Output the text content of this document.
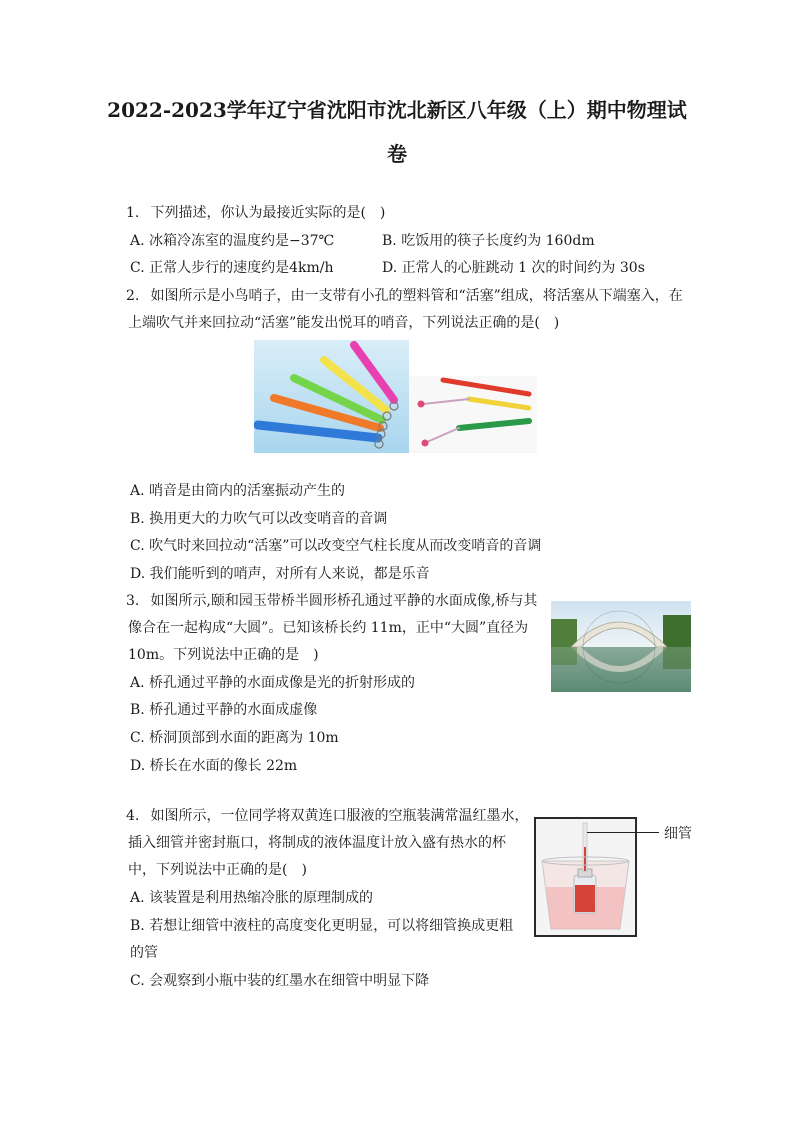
2022-2023学年辽宁省沈阳市沈北新区八年级（上）期中物理试
卷
1. 下列描述，你认为最接近实际的是(　)
A. 冰箱冷冻室的温度约是−37℃	B. 吃饭用的筷子长度约为 160dm
C. 正常人步行的速度约是4km/h	D. 正常人的心脏跳动 1 次的时间约为 30s
2. 如图所示是小鸟哨子，由一支带有小孔的塑料管和“活塞”组成，将活塞从下端塞入，在
上端吹气并来回拉动“活塞”能发出悦耳的哨音，下列说法正确的是(　)
A. 哨音是由筒内的活塞振动产生的
B. 换用更大的力吹气可以改变哨音的音调
C. 吹气时来回拉动“活塞”可以改变空气柱长度从而改变哨音的音调
D. 我们能听到的哨声，对所有人来说，都是乐音
3. 如图所示,颐和园玉带桥半圆形桥孔通过平静的水面成像,桥与其
像合在一起构成“大圆”。已知该桥长约 11m，正中“大圆”直径为
10m。下列说法中正确的是　)
A. 桥孔通过平静的水面成像是光的折射形成的
B. 桥孔通过平静的水面成虚像
C. 桥洞顶部到水面的距离为 10m
D. 桥长在水面的像长 22m
4. 如图所示，一位同学将双黄连口服液的空瓶装满常温红墨水，
插入细管并密封瓶口，将制成的液体温度计放入盛有热水的杯
中，下列说法中正确的是(　)
细管
A. 该装置是利用热缩冷胀的原理制成的
B. 若想让细管中液柱的高度变化更明显，可以将细管换成更粗
的管
C. 会观察到小瓶中装的红墨水在细管中明显下降
